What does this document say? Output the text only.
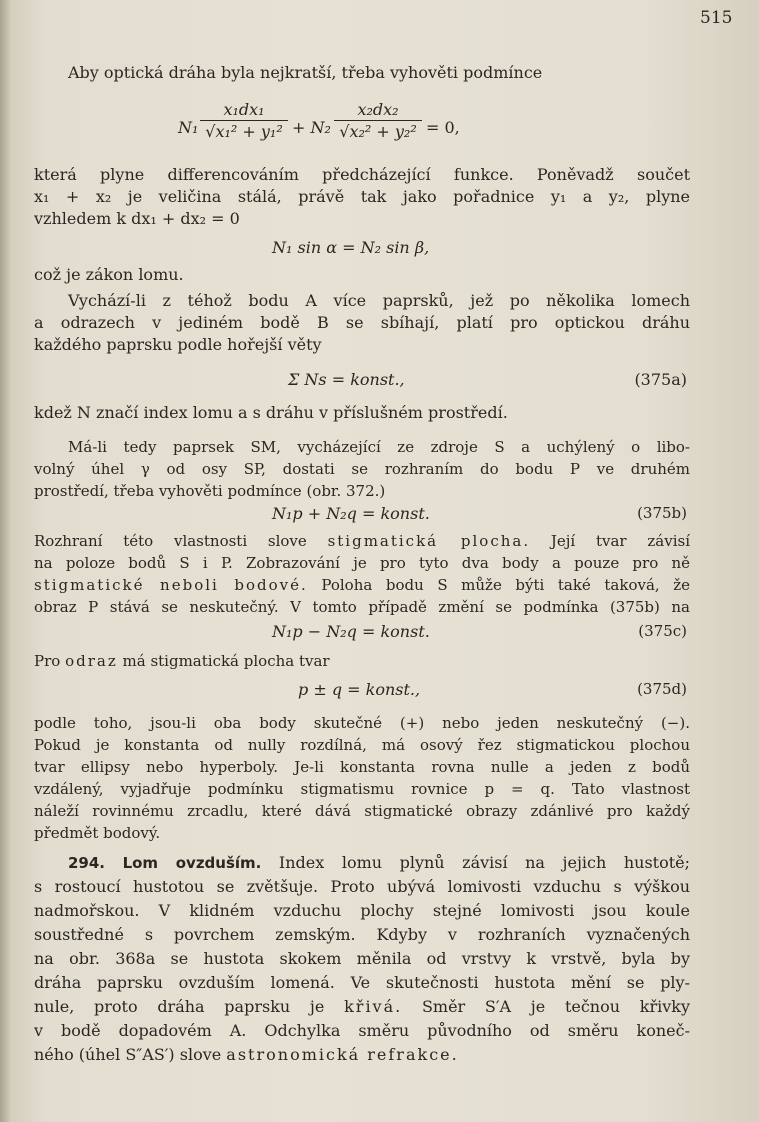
515
Aby optická dráha byla nejkratší, třeba vyhověti podmínce
N₁
x₁dx₁
√x₁² + y₁² + N₂
x₂dx₂
√x₂² + y₂² = 0,
která plyne differencováním předcházející funkce. Poněvadž součet
x₁ + x₂ je veličina stálá, právě tak jako pořadnice y₁ a y₂, plyne
vzhledem k dx₁ + dx₂ = 0
N₁ sin α = N₂ sin β,
což je zákon lomu.
Vychází-li z téhož bodu A více paprsků, jež po několika lomech
a odrazech v jediném bodě B se sbíhají, platí pro optickou dráhu
každého paprsku podle hořejší věty
Σ Ns = konst.,	(375a)
kdež N značí index lomu a s dráhu v příslušném prostředí.
Má-li tedy paprsek SM, vycházející ze zdroje S a uchýlený o libo-
volný úhel γ od osy SP, dostati se rozhraním do bodu P ve druhém
prostředí, třeba vyhověti podmínce (obr. 372.)
N₁p + N₂q = konst.	(375b)
Rozhraní této vlastnosti slove stigmatická plocha. Její tvar závisí
na poloze bodů S i P. Zobrazování je pro tyto dva body a pouze pro ně
stigmatické neboli bodové. Poloha bodu S může býti také taková, že
obraz P stává se neskutečný. V tomto případě změní se podmínka (375b) na
N₁p − N₂q = konst.	(375c)
Pro odraz má stigmatická plocha tvar
p ± q = konst.,	(375d)
podle toho, jsou-li oba body skutečné (+) nebo jeden neskutečný (−).
Pokud je konstanta od nully rozdílná, má osový řez stigmatickou plochou
tvar ellipsy nebo hyperboly. Je-li konstanta rovna nulle a jeden z bodů
vzdálený, vyjadřuje podmínku stigmatismu rovnice p = q. Tato vlastnost
náleží rovinnému zrcadlu, které dává stigmatické obrazy zdánlivé pro každý
předmět bodový.
294. Lom ovzduším. Index lomu plynů závisí na jejich hustotě;
s rostoucí hustotou se zvětšuje. Proto ubývá lomivosti vzduchu s výškou
nadmořskou. V klidném vzduchu plochy stejné lomivosti jsou koule
soustředné s povrchem zemským. Kdyby v rozhraních vyznačených
na obr. 368a se hustota skokem měnila od vrstvy k vrstvě, byla by
dráha paprsku ovzduším lomená. Ve skutečnosti hustota mění se ply-
nule, proto dráha paprsku je křivá. Směr S′A je tečnou křivky
v bodě dopadovém A. Odchylka směru původního od směru koneč-
ného (úhel S″AS′) slove astronomická refrakce.
